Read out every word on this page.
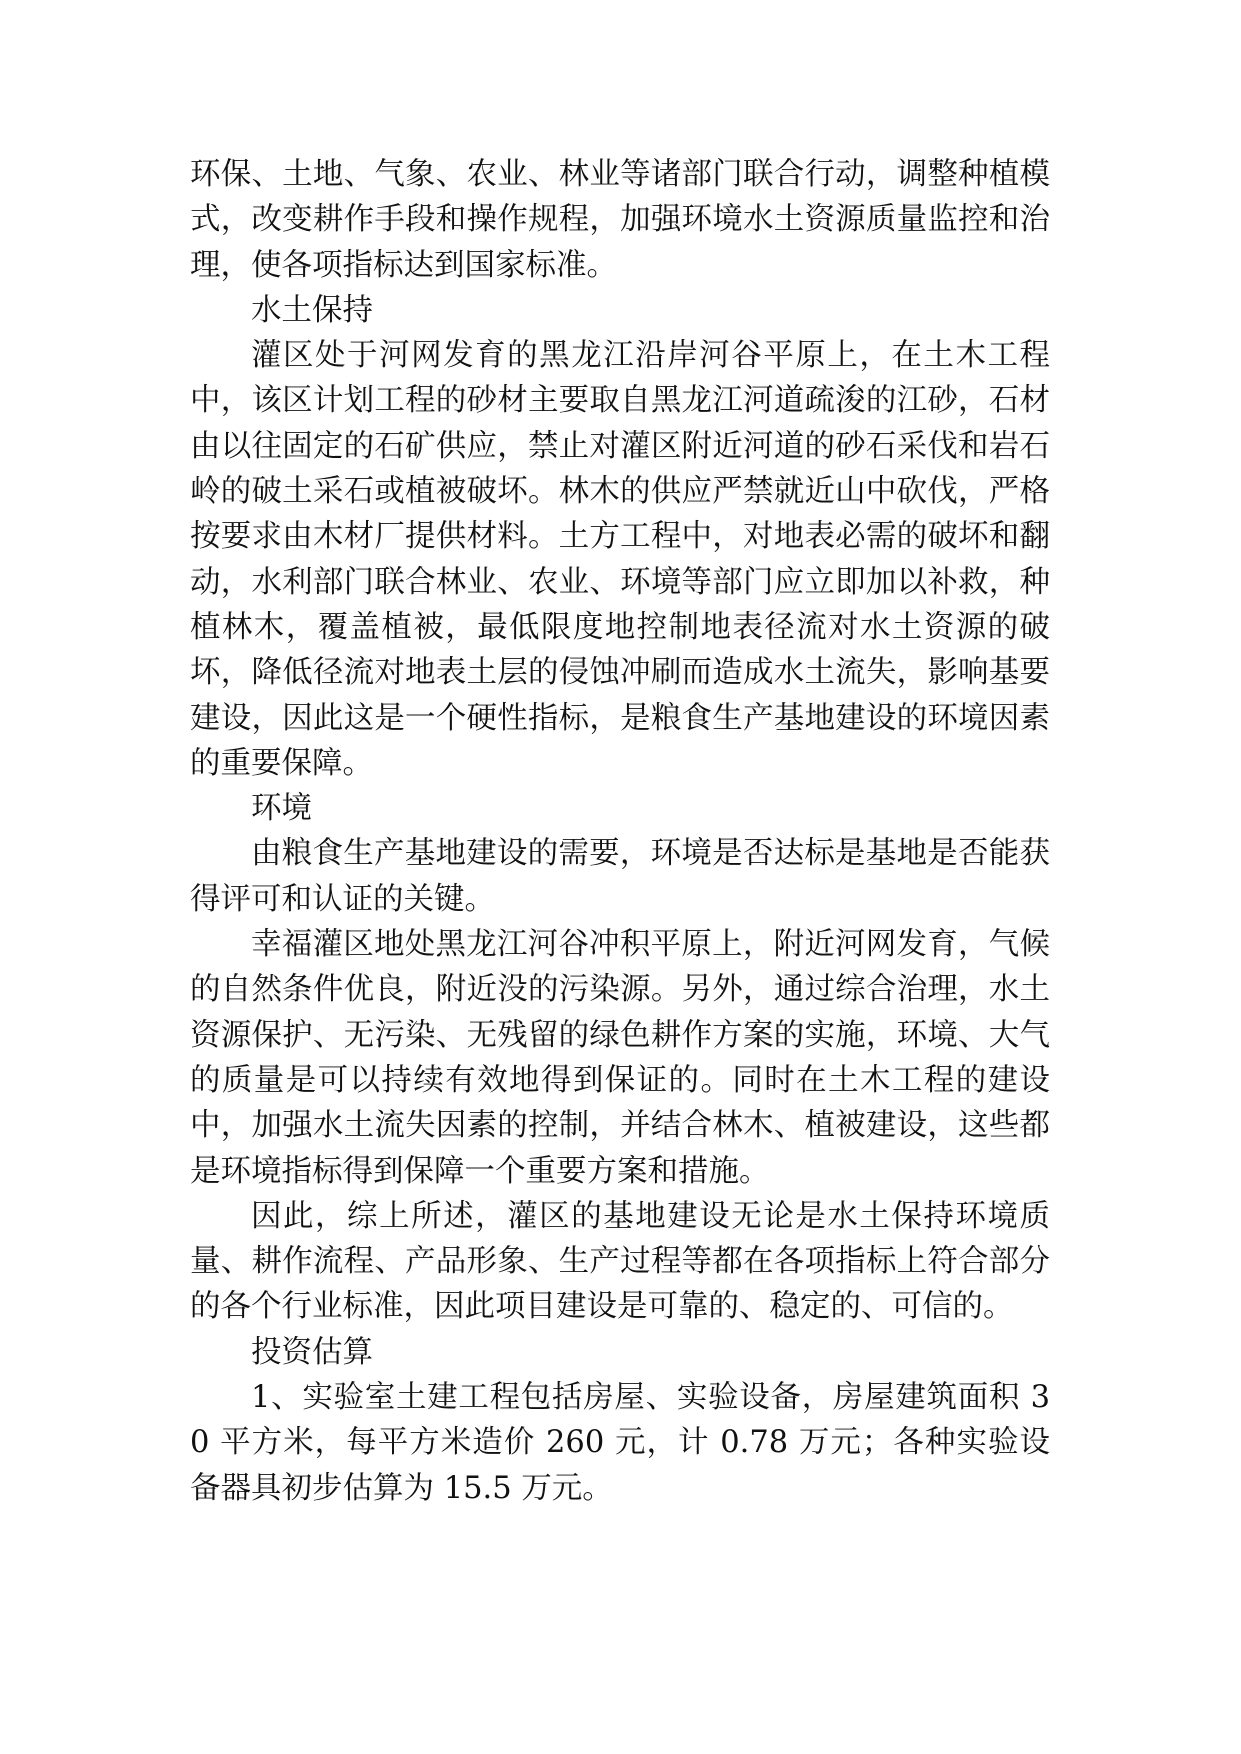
环保、土地、气象、农业、林业等诸部门联合行动，调整种植模式，改变耕作手段和操作规程，加强环境水土资源质量监控和治理，使各项指标达到国家标准。

水土保持

灌区处于河网发育的黑龙江沿岸河谷平原上，在土木工程中，该区计划工程的砂材主要取自黑龙江河道疏浚的江砂，石材由以往固定的石矿供应，禁止对灌区附近河道的砂石采伐和岩石岭的破土采石或植被破坏。林木的供应严禁就近山中砍伐，严格按要求由木材厂提供材料。土方工程中，对地表必需的破坏和翻动，水利部门联合林业、农业、环境等部门应立即加以补救，种植林木，覆盖植被，最低限度地控制地表径流对水土资源的破坏，降低径流对地表土层的侵蚀冲刷而造成水土流失，影响基要建设，因此这是一个硬性指标，是粮食生产基地建设的环境因素的重要保障。

环境

由粮食生产基地建设的需要，环境是否达标是基地是否能获得评可和认证的关键。

幸福灌区地处黑龙江河谷冲积平原上，附近河网发育，气候的自然条件优良，附近没的污染源。另外，通过综合治理，水土资源保护、无污染、无残留的绿色耕作方案的实施，环境、大气的质量是可以持续有效地得到保证的。同时在土木工程的建设中，加强水土流失因素的控制，并结合林木、植被建设，这些都是环境指标得到保障一个重要方案和措施。

因此，综上所述，灌区的基地建设无论是水土保持环境质量、耕作流程、产品形象、生产过程等都在各项指标上符合部分的各个行业标准，因此项目建设是可靠的、稳定的、可信的。

投资估算

1、实验室土建工程包括房屋、实验设备，房屋建筑面积 30 平方米，每平方米造价 260 元，计 0.78 万元；各种实验设备器具初步估算为 15.5 万元。
